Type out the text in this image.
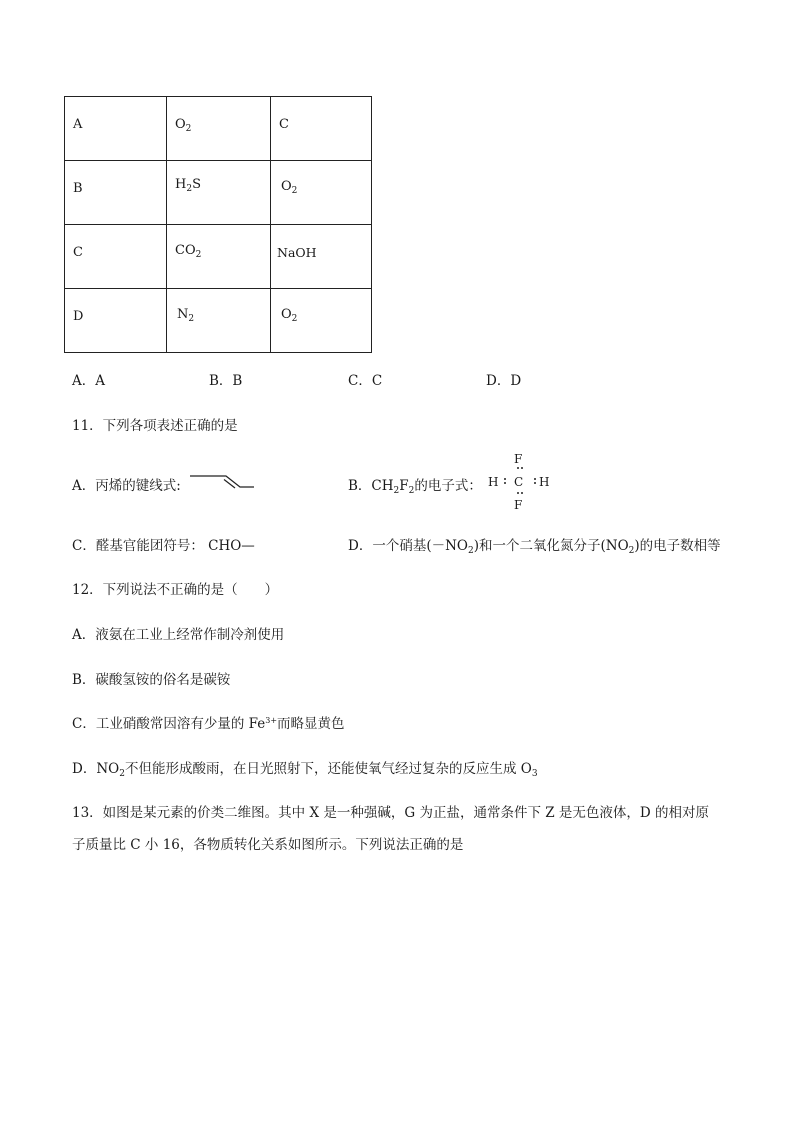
A	$O_2$	C
B	$H_2S$	$O_2$
C	$CO_2$	NaOH
D	$N_2$	$O_2$
A．A	B．B	C．C	D．D
11．下列各项表述正确的是
A．丙烯的键线式:	B．$CH_2F_2$的电子式：
F
H C H
F
C．醛基官能团符号： CHO—	D．一个硝基$(-NO_2)$和一个二氧化氮分子$(NO_2)$的电子数相等
12．下列说法不正确的是（　　）
A．液氨在工业上经常作制冷剂使用
B．碳酸氢铵的俗名是碳铵
C．工业硝酸常因溶有少量的 $Fe^{3+}$而略显黄色
D．$NO_2$不但能形成酸雨，在日光照射下，还能使氧气经过复杂的反应生成 $O_3$
13．如图是某元素的价类二维图。其中 X 是一种强碱，G 为正盐，通常条件下 Z 是无色液体，D 的相对原
子质量比 C 小 16，各物质转化关系如图所示。下列说法正确的是
